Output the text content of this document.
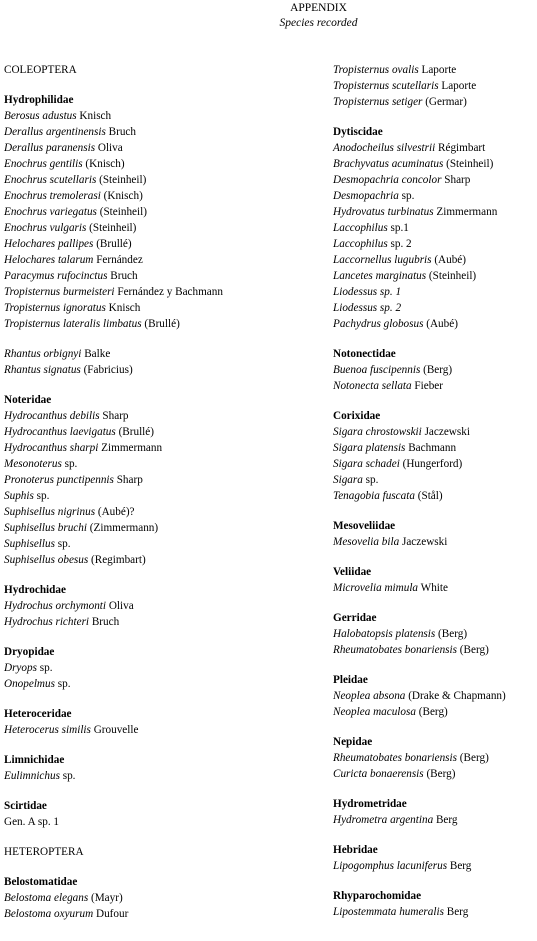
APPENDIX
Species recorded
COLEOPTERA
Hydrophilidae
Berosus adustus Knisch
Derallus argentinensis Bruch
Derallus paranensis Oliva
Enochrus gentilis (Knisch)
Enochrus scutellaris (Steinheil)
Enochrus tremolerasi (Knisch)
Enochrus variegatus (Steinheil)
Enochrus vulgaris (Steinheil)
Helochares pallipes (Brullé)
Helochares talarum Fernández
Paracymus rufocinctus Bruch
Tropisternus burmeisteri Fernández y Bachmann
Tropisternus ignoratus Knisch
Tropisternus lateralis limbatus (Brullé)
Rhantus orbignyi Balke
Rhantus signatus (Fabricius)
Noteridae
Hydrocanthus debilis Sharp
Hydrocanthus laevigatus (Brullé)
Hydrocanthus sharpi Zimmermann
Mesonoterus sp.
Pronoterus punctipennis Sharp
Suphis sp.
Suphisellus nigrinus (Aubé)?
Suphisellus bruchi (Zimmermann)
Suphisellus sp.
Suphisellus obesus (Regimbart)
Hydrochidae
Hydrochus orchymonti Oliva
Hydrochus richteri Bruch
Dryopidae
Dryops sp.
Onopelmus sp.
Heteroceridae
Heterocerus similis Grouvelle
Limnichidae
Eulimnichus sp.
Scirtidae
Gen. A sp. 1
HETEROPTERA
Belostomatidae
Belostoma elegans (Mayr)
Belostoma oxyurum Dufour
Tropisternus ovalis Laporte
Tropisternus scutellaris Laporte
Tropisternus setiger (Germar)
Dytiscidae
Anodocheilus silvestrii Régimbart
Brachyvatus acuminatus (Steinheil)
Desmopachria concolor Sharp
Desmopachria sp.
Hydrovatus turbinatus Zimmermann
Laccophilus sp.1
Laccophilus sp. 2
Laccornellus lugubris (Aubé)
Lancetes marginatus (Steinheil)
Liodessus sp. 1
Liodessus sp. 2
Pachydrus globosus (Aubé)
Notonectidae
Buenoa fuscipennis (Berg)
Notonecta sellata Fieber
Corixidae
Sigara chrostowskii Jaczewski
Sigara platensis Bachmann
Sigara schadei (Hungerford)
Sigara sp.
Tenagobia fuscata (Stål)
Mesoveliidae
Mesovelia bila Jaczewski
Veliidae
Microvelia mimula White
Gerridae
Halobatopsis platensis (Berg)
Rheumatobates bonariensis (Berg)
Pleidae
Neoplea absona (Drake & Chapmann)
Neoplea maculosa (Berg)
Nepidae
Rheumatobates bonariensis (Berg)
Curicta bonaerensis (Berg)
Hydrometridae
Hydrometra argentina Berg
Hebridae
Lipogomphus lacuniferus Berg
Rhyparochomidae
Lipostemmata humeralis Berg
